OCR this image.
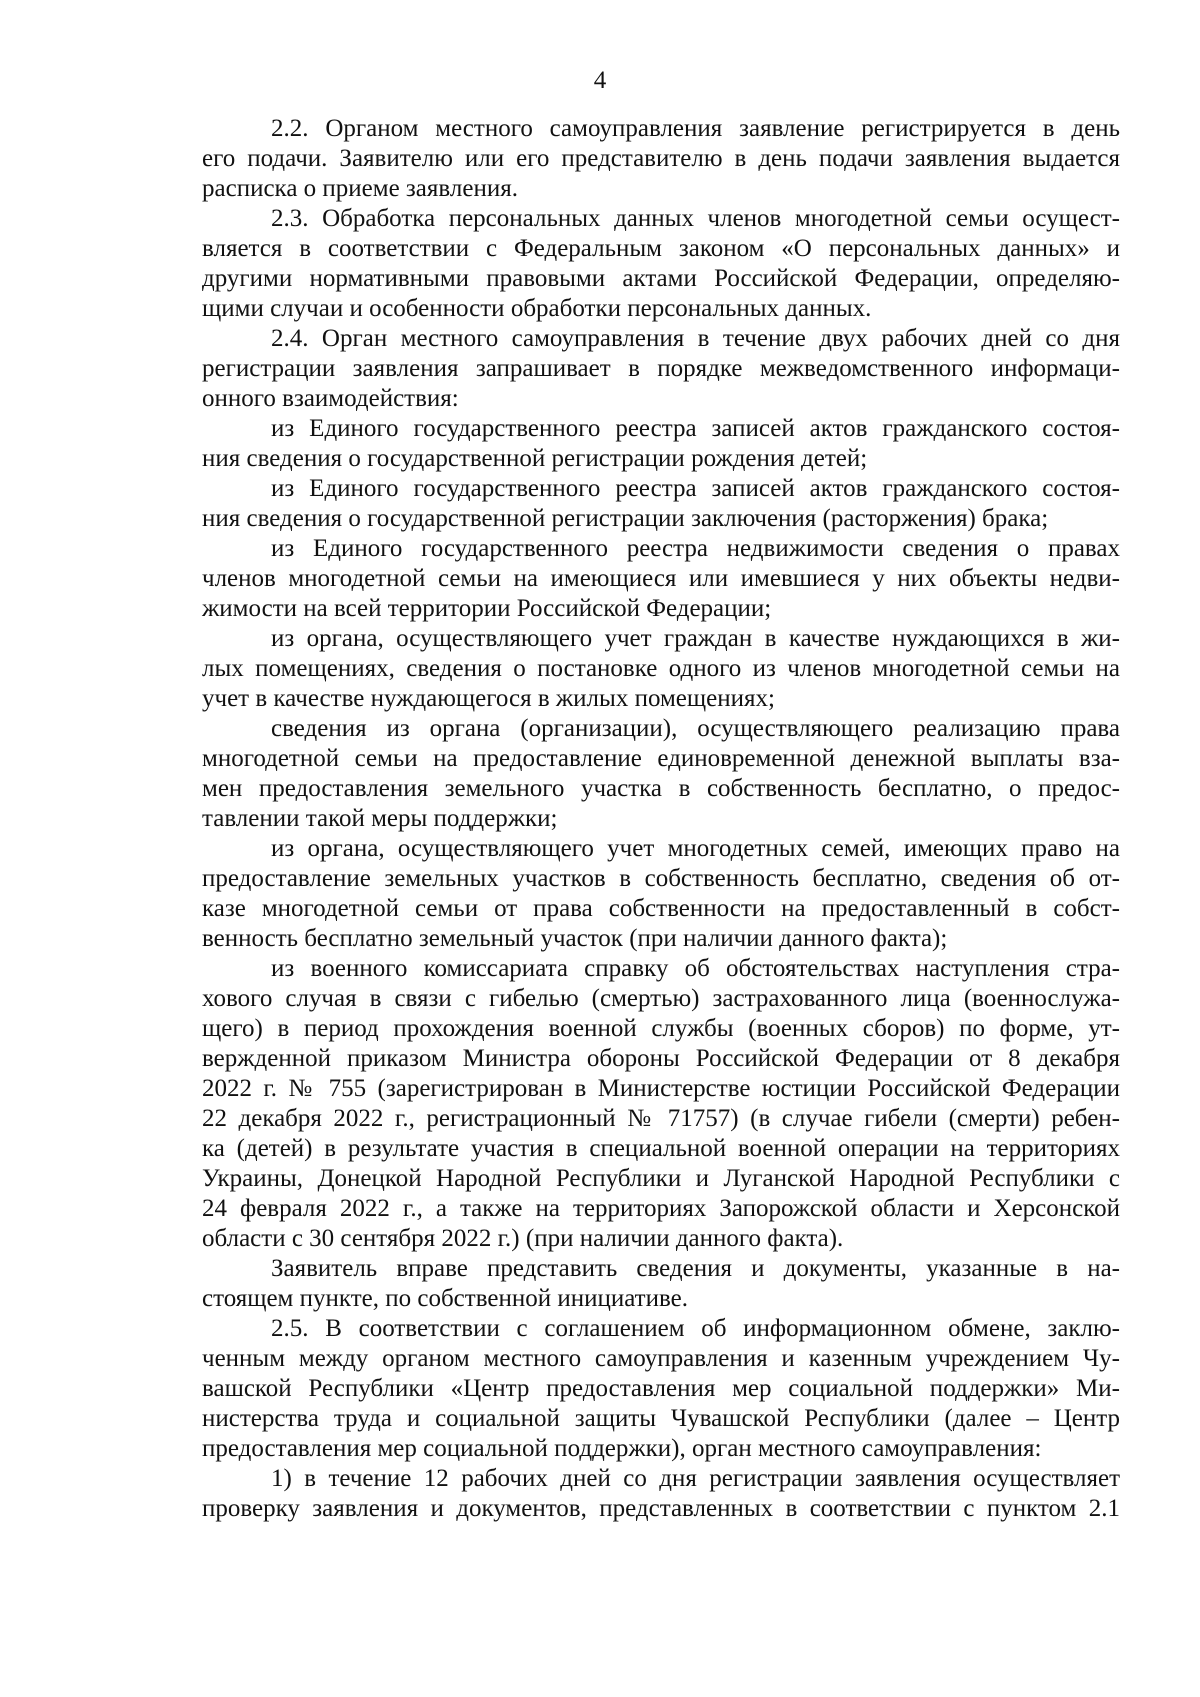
4
2.2. Органом местного самоуправления заявление регистрируется в день
его подачи. Заявителю или его представителю в день подачи заявления выдается
расписка о приеме заявления.
2.3. Обработка персональных данных членов многодетной семьи осущест-
вляется в соответствии с Федеральным законом «О персональных данных» и
другими нормативными правовыми актами Российской Федерации, определяю-
щими случаи и особенности обработки персональных данных.
2.4. Орган местного самоуправления в течение двух рабочих дней со дня
регистрации заявления запрашивает в порядке межведомственного информаци-
онного взаимодействия:
из Единого государственного реестра записей актов гражданского состоя-
ния сведения о государственной регистрации рождения детей;
из Единого государственного реестра записей актов гражданского состоя-
ния сведения о государственной регистрации заключения (расторжения) брака;
из Единого государственного реестра недвижимости сведения о правах
членов многодетной семьи на имеющиеся или имевшиеся у них объекты недви-
жимости на всей территории Российской Федерации;
из органа, осуществляющего учет граждан в качестве нуждающихся в жи-
лых помещениях, сведения о постановке одного из членов многодетной семьи на
учет в качестве нуждающегося в жилых помещениях;
сведения из органа (организации), осуществляющего реализацию права
многодетной семьи на предоставление единовременной денежной выплаты вза-
мен предоставления земельного участка в собственность бесплатно, о предос-
тавлении такой меры поддержки;
из органа, осуществляющего учет многодетных семей, имеющих право на
предоставление земельных участков в собственность бесплатно, сведения об от-
казе многодетной семьи от права собственности на предоставленный в собст-
венность бесплатно земельный участок (при наличии данного факта);
из военного комиссариата справку об обстоятельствах наступления стра-
хового случая в связи с гибелью (смертью) застрахованного лица (военнослужа-
щего) в период прохождения военной службы (военных сборов) по форме, ут-
вержденной приказом Министра обороны Российской Федерации от 8 декабря
2022 г. № 755 (зарегистрирован в Министерстве юстиции Российской Федерации
22 декабря 2022 г., регистрационный № 71757) (в случае гибели (смерти) ребен-
ка (детей) в результате участия в специальной военной операции на территориях
Украины, Донецкой Народной Республики и Луганской Народной Республики с
24 февраля 2022 г., а также на территориях Запорожской области и Херсонской
области с 30 сентября 2022 г.) (при наличии данного факта).
Заявитель вправе представить сведения и документы, указанные в на-
стоящем пункте, по собственной инициативе.
2.5. В соответствии с соглашением об информационном обмене, заклю-
ченным между органом местного самоуправления и казенным учреждением Чу-
вашской Республики «Центр предоставления мер социальной поддержки» Ми-
нистерства труда и социальной защиты Чувашской Республики (далее – Центр
предоставления мер социальной поддержки), орган местного самоуправления:
1) в течение 12 рабочих дней со дня регистрации заявления осуществляет
проверку заявления и документов, представленных в соответствии с пунктом 2.1
